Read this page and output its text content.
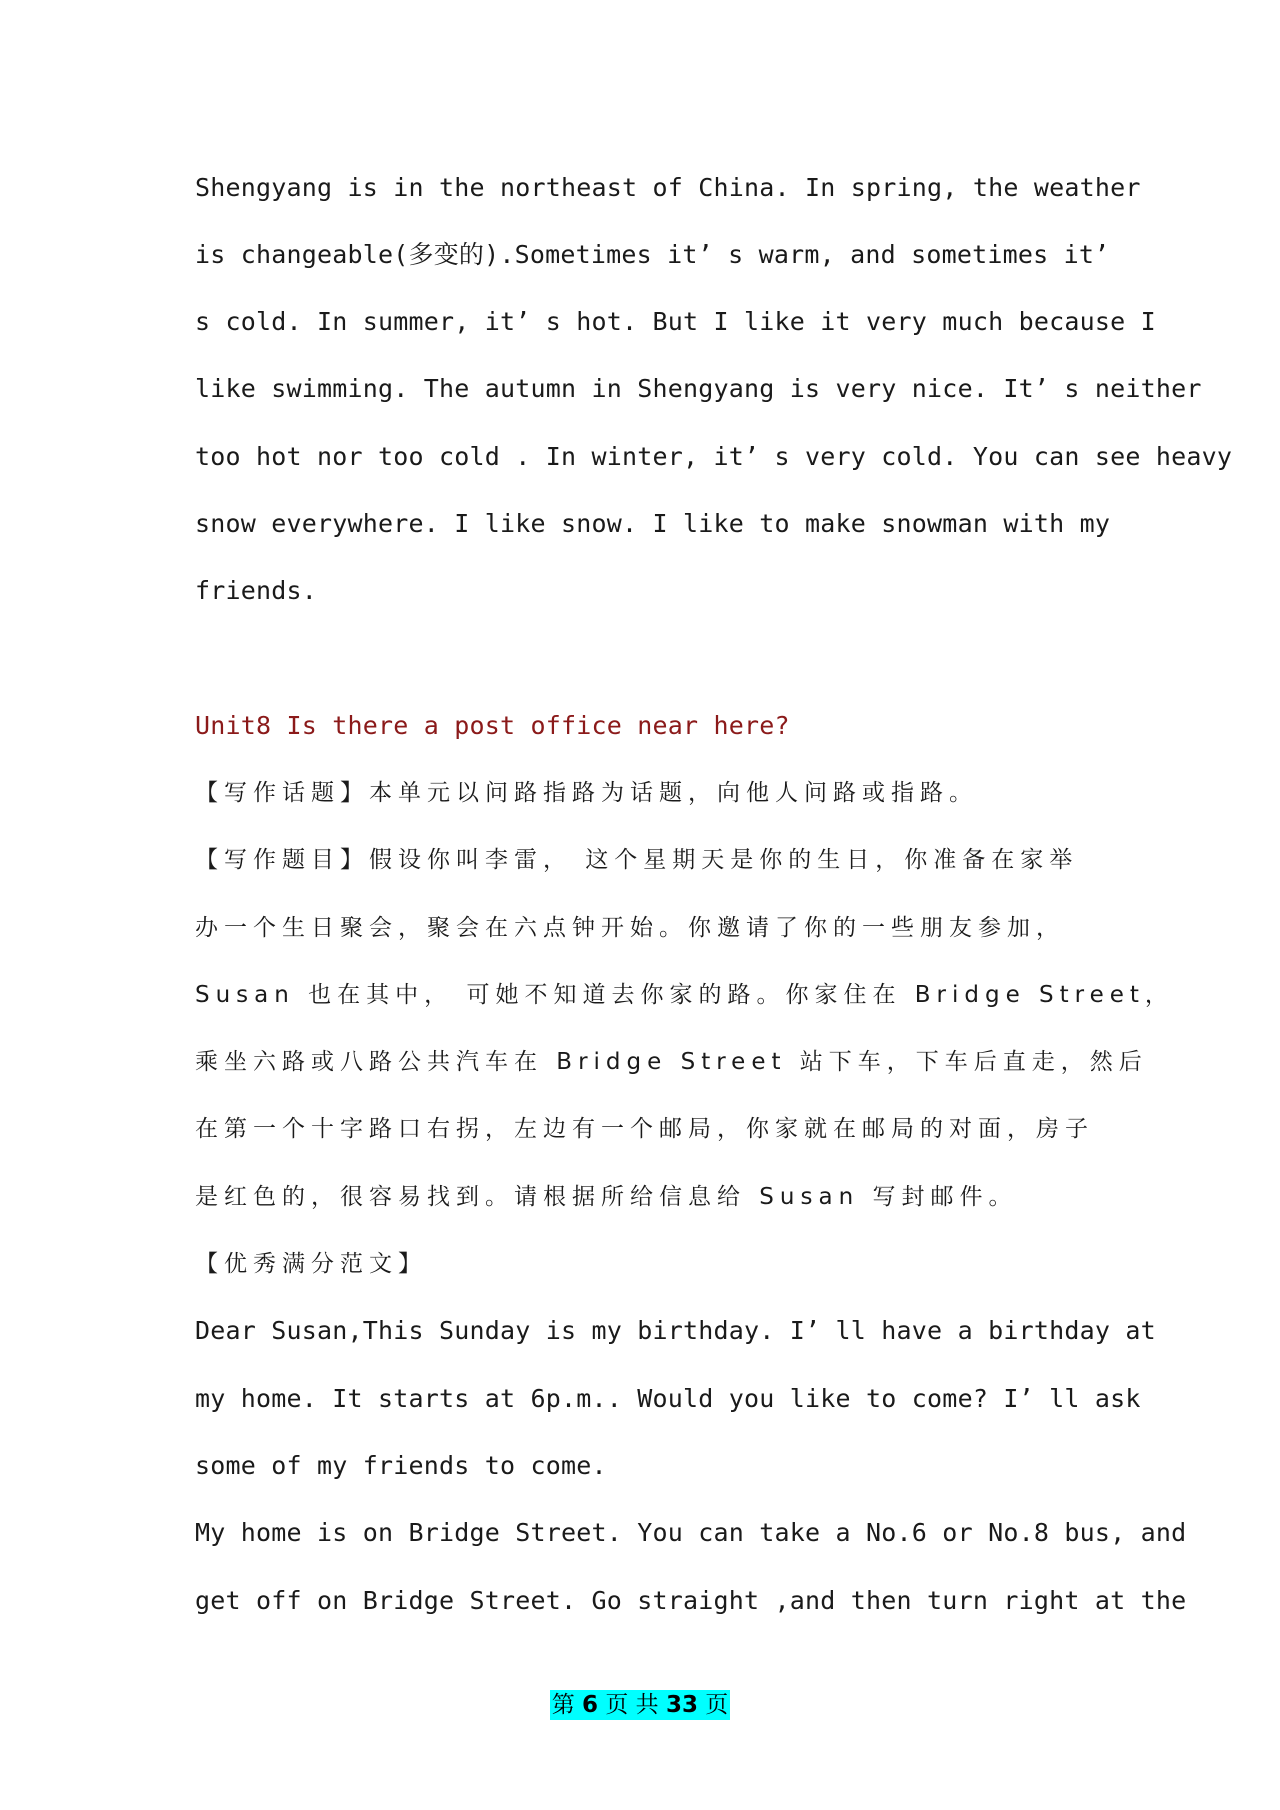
Shengyang is in the northeast of China. In spring, the weather
is changeable(多变的).Sometimes it’ s warm, and sometimes it’
s cold. In summer, it’ s hot. But I like it very much because I
like swimming. The autumn in Shengyang is very nice. It’ s neither
too hot nor too cold . In winter, it’ s very cold. You can see heavy
snow everywhere. I like snow. I like to make snowman with my
friends.
Unit8 Is there a post office near here?
【写作话题】本单元以问路指路为话题，向他人问路或指路。
【写作题目】假设你叫李雷， 这个星期天是你的生日，你准备在家举
办一个生日聚会，聚会在六点钟开始。你邀请了你的一些朋友参加，
Susan 也在其中， 可她不知道去你家的路。你家住在 Bridge Street，
乘坐六路或八路公共汽车在 Bridge Street 站下车，下车后直走，然后
在第一个十字路口右拐，左边有一个邮局，你家就在邮局的对面，房子
是红色的，很容易找到。请根据所给信息给 Susan 写封邮件。
【优秀满分范文】
Dear Susan,This Sunday is my birthday. I’ ll have a birthday at
my home. It starts at 6p.m.. Would you like to come? I’ ll ask
some of my friends to come.
My home is on Bridge Street. You can take a No.6 or No.8 bus, and
get off on Bridge Street. Go straight ,and then turn right at the
第 6 页 共 33 页
